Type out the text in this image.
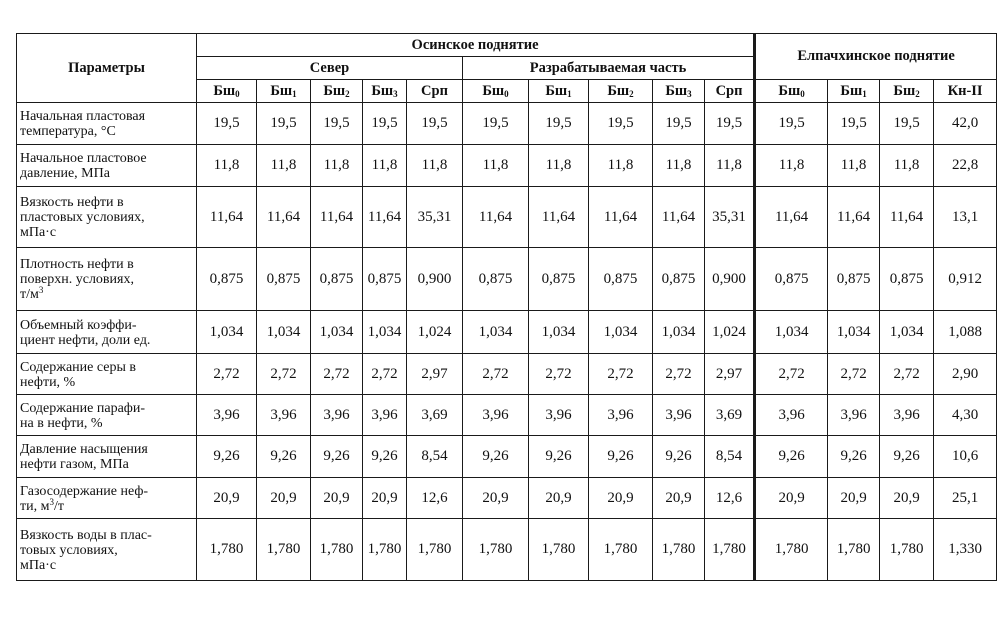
Параметры	Осинское поднятие										Елпачхинское поднятие			
	Север					Разрабатываемая часть								
	$Бш_0$	$Бш_1$	$Бш_2$	$Бш_3$	Срп	$Бш_0$	$Бш_1$	$Бш_2$	$Бш_3$	Срп	$Бш_0$	$Бш_1$	$Бш_2$	Кн-II

Начальная пластовая
температура, °С	19,5	19,5	19,5	19,5	19,5	19,5	19,5	19,5	19,5	19,5	19,5	19,5	19,5	42,0

Начальное пластовое
давление, МПа	11,8	11,8	11,8	11,8	11,8	11,8	11,8	11,8	11,8	11,8	11,8	11,8	11,8	22,8

Вязкость нефти в
пластовых условиях,
мПа·с	11,64	11,64	11,64	11,64	35,31	11,64	11,64	11,64	11,64	35,31	11,64	11,64	11,64	13,1

Плотность нефти в
поверхн. условиях,
$т/м^3$	0,875	0,875	0,875	0,875	0,900	0,875	0,875	0,875	0,875	0,900	0,875	0,875	0,875	0,912

Объемный коэффи-
циент нефти, доли ед.	1,034	1,034	1,034	1,034	1,024	1,034	1,034	1,034	1,034	1,024	1,034	1,034	1,034	1,088

Содержание серы в
нефти, %	2,72	2,72	2,72	2,72	2,97	2,72	2,72	2,72	2,72	2,97	2,72	2,72	2,72	2,90

Содержание парафи-
на в нефти, %	3,96	3,96	3,96	3,96	3,69	3,96	3,96	3,96	3,96	3,69	3,96	3,96	3,96	4,30

Давление насыщения
нефти газом, МПа	9,26	9,26	9,26	9,26	8,54	9,26	9,26	9,26	9,26	8,54	9,26	9,26	9,26	10,6

Газосодержание неф-
ти, $м^3/т$	20,9	20,9	20,9	20,9	12,6	20,9	20,9	20,9	20,9	12,6	20,9	20,9	20,9	25,1

Вязкость воды в плас-
товых условиях,
мПа·с	1,780	1,780	1,780	1,780	1,780	1,780	1,780	1,780	1,780	1,780	1,780	1,780	1,780	1,330
